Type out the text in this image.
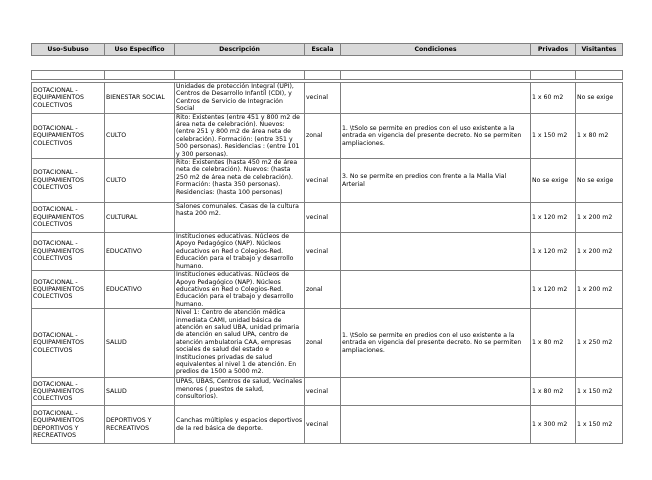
Uso-Subuso	Uso Específico	Descripción	Escala	Condiciones	Privados	Visitantes

DOTACIONAL - EQUIPAMIENTOS COLECTIVOS	BIENESTAR SOCIAL	Unidades de protección Integral (UPI), Centros de Desarrollo Infantil (CDI), y Centros de Servicio de Integración Social	vecinal		1 x 60 m2	No se exige
DOTACIONAL - EQUIPAMIENTOS COLECTIVOS	CULTO	Rito: Existentes (entre 451 y 800 m2 de área neta de celebración). Nuevos: (entre 251 y 800 m2 de área neta de celebración). Formación: (entre 351 y 500 personas). Residencias : (entre 101 y 300 personas).	zonal	1. \tSolo se permite en predios con el uso existente a la entrada en vigencia del presente decreto. No se permiten ampliaciones.	1 x 150 m2	1 x 80 m2
DOTACIONAL - EQUIPAMIENTOS COLECTIVOS	CULTO	Rito: Existentes (hasta 450 m2 de área neta de celebración). Nuevos: (hasta 250 m2 de área neta de celebración). Formación: (hasta 350 personas). Residencias: (hasta 100 personas)	vecinal	3. No se permite en predios con frente a la Malla Vial Arterial	No se exige	No se exige
DOTACIONAL - EQUIPAMIENTOS COLECTIVOS	CULTURAL	Salones comunales. Casas de la cultura hasta 200 m2.	vecinal		1 x 120 m2	1 x 200 m2
DOTACIONAL - EQUIPAMIENTOS COLECTIVOS	EDUCATIVO	Instituciones educativas. Núcleos de Apoyo Pedagógico (NAP). Núcleos educativos en Red o Colegios-Red. Educación para el trabajo y desarrollo humano.	vecinal		1 x 120 m2	1 x 200 m2
DOTACIONAL - EQUIPAMIENTOS COLECTIVOS	EDUCATIVO	Instituciones educativas. Núcleos de Apoyo Pedagógico (NAP). Núcleos educativos en Red o Colegios-Red. Educación para el trabajo y desarrollo humano.	zonal		1 x 120 m2	1 x 200 m2
DOTACIONAL - EQUIPAMIENTOS COLECTIVOS	SALUD	Nivel 1: Centro de atención médica inmediata CAMI, unidad básica de atención en salud UBA, unidad primaria de atención en salud UPA, centro de atención ambulatoria CAA, empresas sociales de salud del estado e Instituciones privadas de salud equivalentes al nivel 1 de atención. En predios de 1500 a 5000 m2.	zonal	1. \tSolo se permite en predios con el uso existente a la entrada en vigencia del presente decreto. No se permiten ampliaciones.	1 x 80 m2	1 x 250 m2
DOTACIONAL - EQUIPAMIENTOS COLECTIVOS	SALUD	UPAS, UBAS, Centros de salud, Vecinales menores ( puestos de salud, consultorios).	vecinal		1 x 80 m2	1 x 150 m2
DOTACIONAL - EQUIPAMIENTOS DEPORTIVOS Y RECREATIVOS	DEPORTIVOS Y RECREATIVOS	Canchas múltiples y espacios deportivos de la red básica de deporte.	vecinal		1 x 300 m2	1 x 150 m2
